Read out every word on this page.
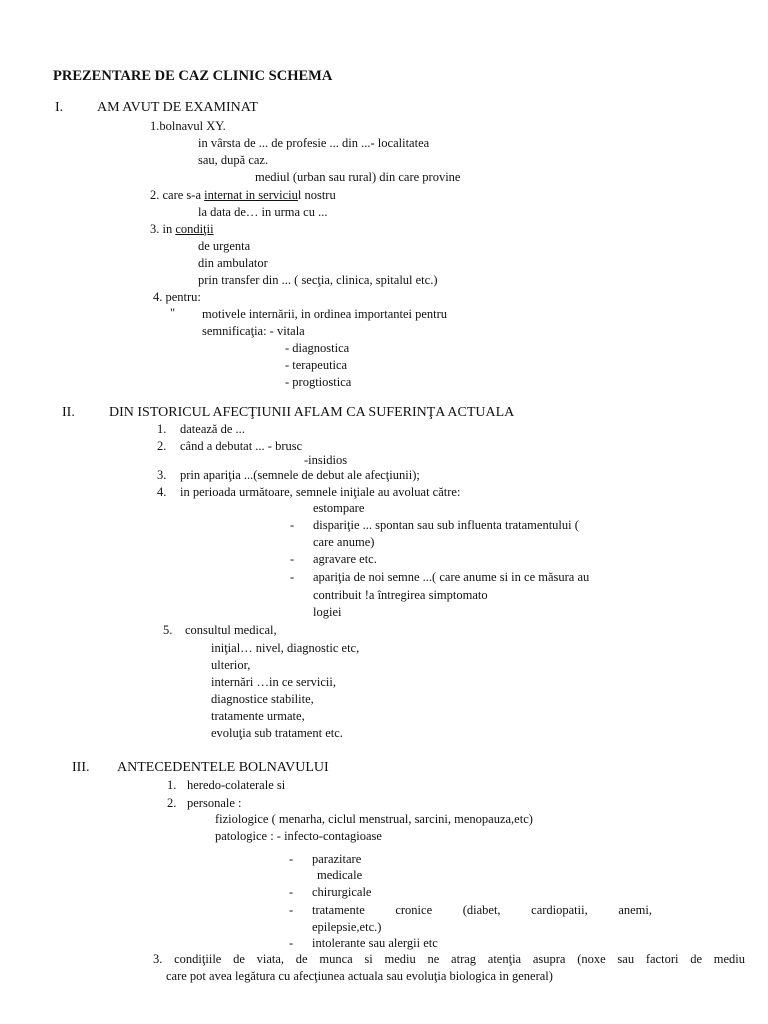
PREZENTARE DE CAZ CLINIC SCHEMA
I. AM AVUT DE EXAMINAT
1.bolnavul XY.
in vârsta de ... de profesie ... din ...- localitatea
sau, după caz.
mediul (urban sau rural) din care provine
2. care s-a internat in serviciul nostru
la data de… in urma cu ...
3. in condiţii
de urgenta
din ambulator
prin transfer din ... ( secţia, clinica, spitalul etc.)
4. pentru:
" motivele internării, in ordinea importantei pentru
semnificaţia: - vitala
- diagnostica
- terapeutica
- progtiostica
II. DIN ISTORICUL AFECŢIUNII AFLAM CA SUFERINŢA ACTUALA
1. datează de ...
2. când a debutat ... - brusc
-insidios
3. prin apariţia ...(semnele de debut ale afecţiunii);
4. in perioada următoare, semnele iniţiale au avoluat către:
estompare
- dispariţie ... spontan sau sub influenta tratamentului (
care anume)
- agravare etc.
- apariţia de noi semne ...( care anume si in ce măsura au
contribuit !a întregirea simptomato
logiei
5. consultul medical,
iniţial… nivel, diagnostic etc,
ulterior,
internări …in ce servicii,
diagnostice stabilite,
tratamente urmate,
evoluţia sub tratament etc.
III. ANTECEDENTELE BOLNAVULUI
1. heredo-colaterale si
2. personale :
fiziologice ( menarha, ciclul menstrual, sarcini, menopauza,etc)
patologice : - infecto-contagioase
- parazitare
medicale
- chirurgicale
- tratamente cronice (diabet, cardiopatii, anemi,
epilepsie,etc.)
- intolerante sau alergii etc
3. condiţiile de viata, de munca si mediu ne atrag atenţia asupra (noxe sau factori de mediu
care pot avea legătura cu afecţiunea actuala sau evoluţia biologica in general)
